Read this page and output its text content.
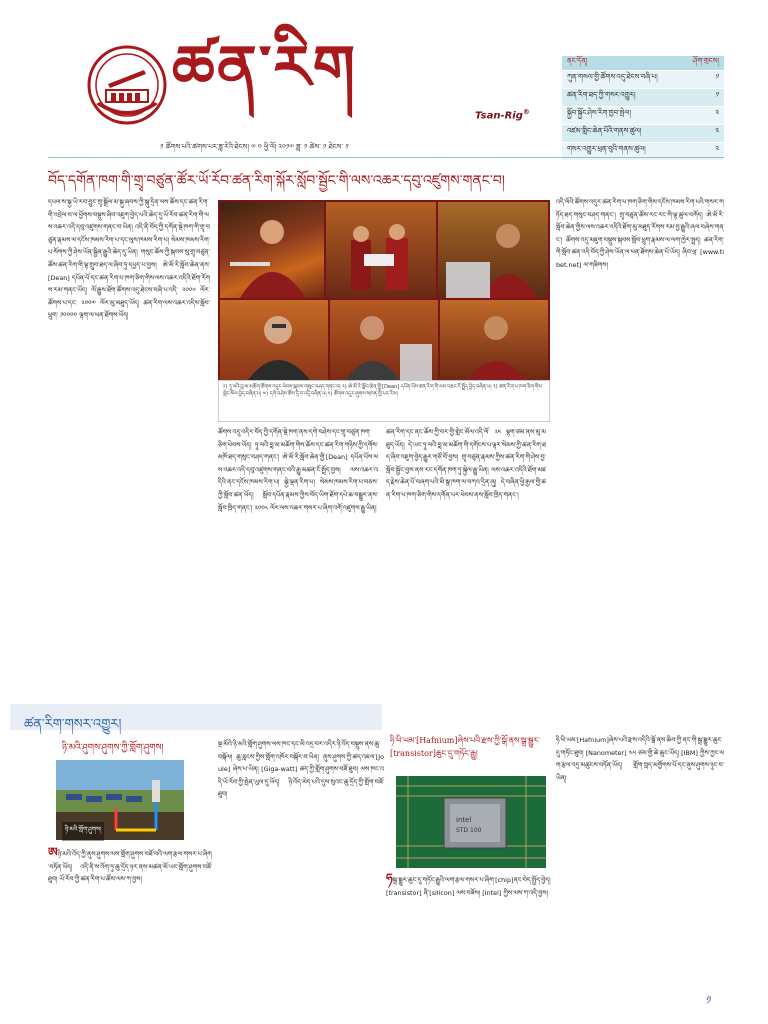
ཚན་རིག
Tsan-Rig®
༡ ཚོགས་པའི་ཚགས་པར་ཟླ་རེའི་ཐེངས། ༧ ༠ ཕྱི་ལོ། ༢༠༡༧ ཟླ་ ༡ ཚེས་ ༡ ཐེངས་ ༡
ནང་དོན།	ཤོག་གྲངས།
ཀུན་གསལ་གྱི་ཚོགས་འདུ་ཐེངས་བཞི་པ།	༡
ཚན་རིག་ཐད་ཀྱི་གསར་འགྱུར།	༡
སྐྱོབ་སྐྱོང་ཤེས་རིག་ཁྱབ་སྤེལ།	༢
འཛམ་གླིང་ཆེན་པོའི་གནས་ཚུལ།	༢
གསར་འགྱུར་ཕྲན་བུའི་གནས་ཚུལ།	༢
བོད་དགོན་ཁག་གི་གྲྭ་བཙུན་ཚོར་ཡོ་རོབ་ཚན་རིག་སྐོར་སློབ་སྦྱོང་གི་ལས་འཆར་དབུ་འཛུགས་གནང་བ།
དཔལ་ས་སྐྱ་ཡི་རབ་བྱུང་གྲྭ་སྒྲོལ་མ་སྐུ་ཞབས་ཀྱི་སྐུ་དྲིན་ལས་ཆོས་དང་ཚན་རིག་གི་འབྲེལ་བ་ལ་ཕྱོགས་བསྡུས་ཞིབ་འཇུག་བྱེད་པའི་ཆེད་དུ་ཡོ་རོབ་ཚན་རིག་གི་ལས་འཆར་འདི་དབུ་འཛུགས་གནང་བ་ཡིན། འདི་ནི་བོད་ཀྱི་དགོན་སྡེ་ཁག་གི་གྲྭ་བཙུན་རྣམས་ལ་དངོས་ཁམས་རིག་པ་དང་ལུས་ཁམས་རིག་པ། སེམས་ཁམས་རིག་པ་སོགས་ཀྱི་ཤེས་ཡོན་སྦྱིན་རྒྱུའི་ཆེད་དུ་ཡིན། གསུང་ཆོས་ཀྱི་སྐབས་སུ་གྲྭ་བཙུན་ཚོས་ཚན་རིག་གི་ལྟ་གྲུབ་ཐད་ལ་ཞིབ་ཏུ་དཔྱད་པ་བྱས། ཨེ་མོ་རི་སློབ་ཆེན་ནས་[Dean] དཔོན་པོ་དང་ཚན་རིག་པ་ཁག་ཅིག་གིས་ལས་འཆར་འདིའི་ཐོག་རོགས་རམ་གནང་ཡོད། ལོ་རྒྱུས་ཐོག་ཚོགས་འདུ་ཐེངས་བཞི་པ་འདི་ ༢༠༠༦ ལོར་ཚོགས་པ་དང་ ༢༠༠༧ ལོར་མུ་མཐུད་ཡོད། ཚན་རིག་ལས་འཆར་འདིས་སློབ་ཕྲུག་ ༡༠༠༠༠ ལྷག་ལ་ཕན་ཐོགས་ཡོད།
ཚོགས་འདུ་འདིར་བོད་ཀྱི་དགོན་སྡེ་ཁག་ནས་དགེ་བཤེས་དང་གྲྭ་བཙུན་ཁག་ཅིག་ཕེབས་ཡོད། ཏཱ་ལའི་བླ་མ་མཆོག་གིས་ཆོས་དང་ཚན་རིག་གཉིས་ཀྱི་དགོས་མཁོ་ཐད་གསུང་བཤད་གནང་། ཨེ་མོ་རི་སློབ་ཆེན་གྱི་[Dean] དཔོན་པོས་ལས་འཆར་འདི་དབུ་འཛུགས་གནང་བའི་རྒྱུ་མཚན་ངོ་སྤྲོད་བྱས། ལས་འཆར་འདིའི་ནང་དངོས་ཁམས་རིག་པ། སྐྱེ་ལྡན་རིག་པ། སེམས་ཁམས་རིག་པ་བཅས་ཀྱི་སློབ་ཚན་ཡོད། སློབ་དཔོན་རྣམས་ཀྱིས་བོད་ཡིག་ཐོག་དཔེ་ཆ་བསྒྱུར་ནས་སློབ་ཁྲིད་གནང་། ༢༠༠༨ ལོར་ལས་འཆར་གསར་པ་ཞིག་འགོ་འཛུགས་རྒྱུ་ཡིན།
ཚན་རིག་དང་ནང་ཆོས་ཀྱི་བར་གྱི་གླེང་མོལ་འདི་ལོ་ ༢༥ ལྷག་ཙམ་ནས་མུ་མཐུད་ཡོད། དེ་ཡང་ཏཱ་ལའི་བླ་མ་མཆོག་གི་དགོངས་པ་ལྟར་སེམས་ཀྱི་ཚན་རིག་ཐད་ཞིབ་འཇུག་བྱེད་རྒྱུར་གཙོ་བོ་བྱས། གྲྭ་བཙུན་རྣམས་ཀྱིས་ཚན་རིག་གི་ཤེས་བྱ་སློབ་སྦྱོང་བྱས་ནས་རང་དགོན་ཁག་ཏུ་སྐྱེལ་རྒྱུ་ཡིན། ལས་འཆར་འདིའི་ཐོག་མཛད་རྗེས་ཆེན་པོ་བཞག་པའི་མི་སྣ་ཁག་ལ་བཀའ་དྲིན་ཞུ། དེ་བཞིན་ཕྱི་རྒྱལ་གྱི་ཚན་རིག་པ་ཁག་ཅིག་གིས་དགོན་པར་ཕེབས་ནས་སློབ་ཁྲིད་གནང་།
འདི་ལོའི་ཚོགས་འདུར་ཚན་རིག་པ་ཁག་ཅིག་གིས་དངོས་ཁམས་རིག་པའི་གསར་གཏོད་ཐད་གསུང་བཤད་གནང་། གྲྭ་བཙུན་ཚོས་རང་རང་གི་ལྟ་ཚུལ་བཀོད། ཨེ་མོ་རི་སློབ་ཆེན་གྱིས་ལས་འཆར་འདིའི་ཐོག་མུ་མཐུད་རོགས་རམ་བྱ་རྒྱུའི་ཞལ་བཞེས་གནང་། ཚོགས་འདུ་མཇུག་བསྡུས་སྐབས་སློབ་ཕྲུག་རྣམས་ལ་ལག་ཁྱེར་སྤྲད། ཚན་རིག་གི་སློབ་ཚན་འདི་བོད་ཀྱི་ཤེས་ཡོན་ལ་ཕན་ཐོགས་ཆེན་པོ་ཡོད། ཞིབ་ཕྲ་ [www.tibet.net] ལ་གཟིགས།
༡) ཏཱ་ལའི་བླ་མ་མཆོག་ཚོགས་འདུར་ཕེབས་སྐབས་གསུང་བཤད་གནང་བ། ༢) ཨེ་མོ་རི་སློབ་ཆེན་གྱི་[Dean] དཔོན་པོས་ཚན་རིག་གི་ལས་འཆར་ངོ་སྤྲོད་བྱེད་བཞིན་པ། ༣) ཚན་རིག་པ་ཁག་ཅིག་གིས་གླེང་མོལ་བྱེད་བཞིན་པ། ༤) དགེ་བཤེས་ཚོས་དྲི་བ་འདྲི་བཞིན་པ། ༥) ཚོགས་འདུར་ཞུགས་མཁན་གྱི་པར་རིས།
ཚན་རིག་གསར་འགྱུར།
ཉི་མའི་ཤུགས་ཤུགས་ཀྱི་གློག་ཤུགས།
ཉི་མའི་གློག་ཤུགས།
ཨཉི་མའི་འོད་ཀྱི་ནུས་ཤུགས་ལས་གློག་ཤུགས་བཟོ་བའི་ལག་རྩལ་གསར་པ་ཞིག་བཏོན་ཡོད། འདི་ནི་ས་འོག་ཏུ་ཆུ་དྲོད་ཉར་ནས་མཚན་མོ་ཡང་གློག་ཤུགས་བཟོ་ཐུབ། ཡོ་རོབ་ཀྱི་ཚན་རིག་པ་ཚོས་ལས་ཀ་བྱས།
སྔ་མོའི་ཉི་མའི་གློག་ཤུགས་ལས་ཁང་དང་མི་འདྲ་བར་འདིར་ཉི་འོད་བསྡུས་ནས་ཆུ་བསྐོལ། ཆུ་རླངས་ཀྱིས་གློག་འཁོར་བསྐོར་བ་ཡིན། ནུས་ཤུགས་ཀྱི་ཚད་འཇལ་[Joule] ཞེས་པ་ཡིན། [Giga-watt] ཚད་ཀྱི་གློག་ཤུགས་བཟོ་ཐུབ། ལས་ཁང་འདི་ཡོ་རོབ་ཀྱི་སྤེན་ཡུལ་དུ་ཡོད། ཉི་འོད་མེད་པའི་དུས་སུའང་ཆུ་དྲོད་ཀྱི་གློག་བཟོ་ཐུབ།
ཧི་ཕི་ཡམ་[Hafnium]ཞེས་པའི་རྫས་ཀྱི་སྒོ་ནས་སྒྲ་སྒྱུར་[transistor]ཆུང་དུ་གཏོང་རྒྱུ།
intel
STD 100
ཧསྒྲ་སྒྱུར་ཆུང་དུ་གཏོང་རྒྱུའི་ལག་རྩལ་གསར་པ་ཞིག་[chip]ནང་བེད་སྤྱོད་བྱེད། [transistor] ནི་[silicon] ལས་བཟོས། [Intel] ཀྱིས་ལས་ཀ་འདི་བྱས།
ཧི་ཕི་ཡམ་[Hafnium]ཞེས་པའི་རྫས་འདིའི་སྒོ་ནས་ཆིབ་ཀྱི་ནང་གི་སྒྲ་སྒྱུར་ཆུང་དུ་གཏོང་ཐུབ། [Nanometer] ༤༥ ཙམ་གྱི་ཆེ་ཆུང་ཡོད། [IBM] ཀྱིས་ཀྱང་ལག་རྩལ་འདྲ་མཚུངས་བཏོན་ཡོད། གློག་ཀླད་མགྱོགས་པོ་དང་ནུས་ཤུགས་ཉུང་བ་ཡིན།
༡
